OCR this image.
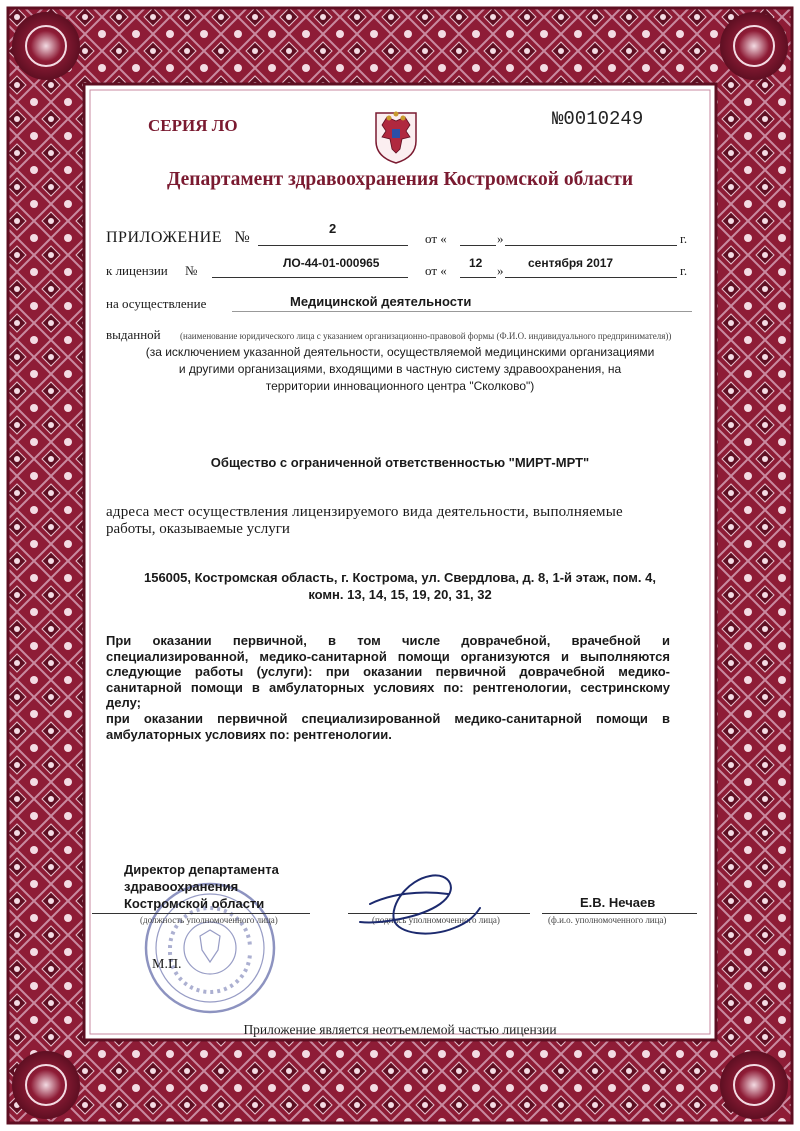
СЕРИЯ ЛО	№0010249
Департамент здравоохранения Костромской области
ПРИЛОЖЕНИЕ №
2
от «	»	г.
к лицензии №	ЛО-44-01-000965	от « 12 » сентября 2017	г.
на осуществление	Медицинской деятельности
выданной (наименование юридического лица с указанием организационно-правовой формы (Ф.И.О. индивидуального предпринимателя))
(за исключением указанной деятельности, осуществляемой медицинскими организациями
и другими организациями, входящими в частную систему здравоохранения, на
территории инновационного центра "Сколково")
Общество с ограниченной ответственностью "МИРТ-МРТ"
адреса мест осуществления лицензируемого вида деятельности, выполняемые
работы, оказываемые услуги
156005, Костромская область, г. Кострома, ул. Свердлова, д. 8, 1-й этаж, пом. 4,
комн. 13, 14, 15, 19, 20, 31, 32
При оказании первичной, в том числе доврачебной, врачебной и специализированной, медико-санитарной помощи организуются и выполняются следующие работы (услуги): при оказании первичной доврачебной медико-санитарной помощи в амбулаторных условиях по: рентгенологии, сестринскому делу;
при оказании первичной специализированной медико-санитарной помощи в амбулаторных условиях по: рентгенологии.
Директор департамента
здравоохранения
Костромской области
(должность уполномоченного лица)	(подпись уполномоченного лица)	(ф.и.о. уполномоченного лица)
Е.В. Нечаев
М.П.
Приложение является неотъемлемой частью лицензии
